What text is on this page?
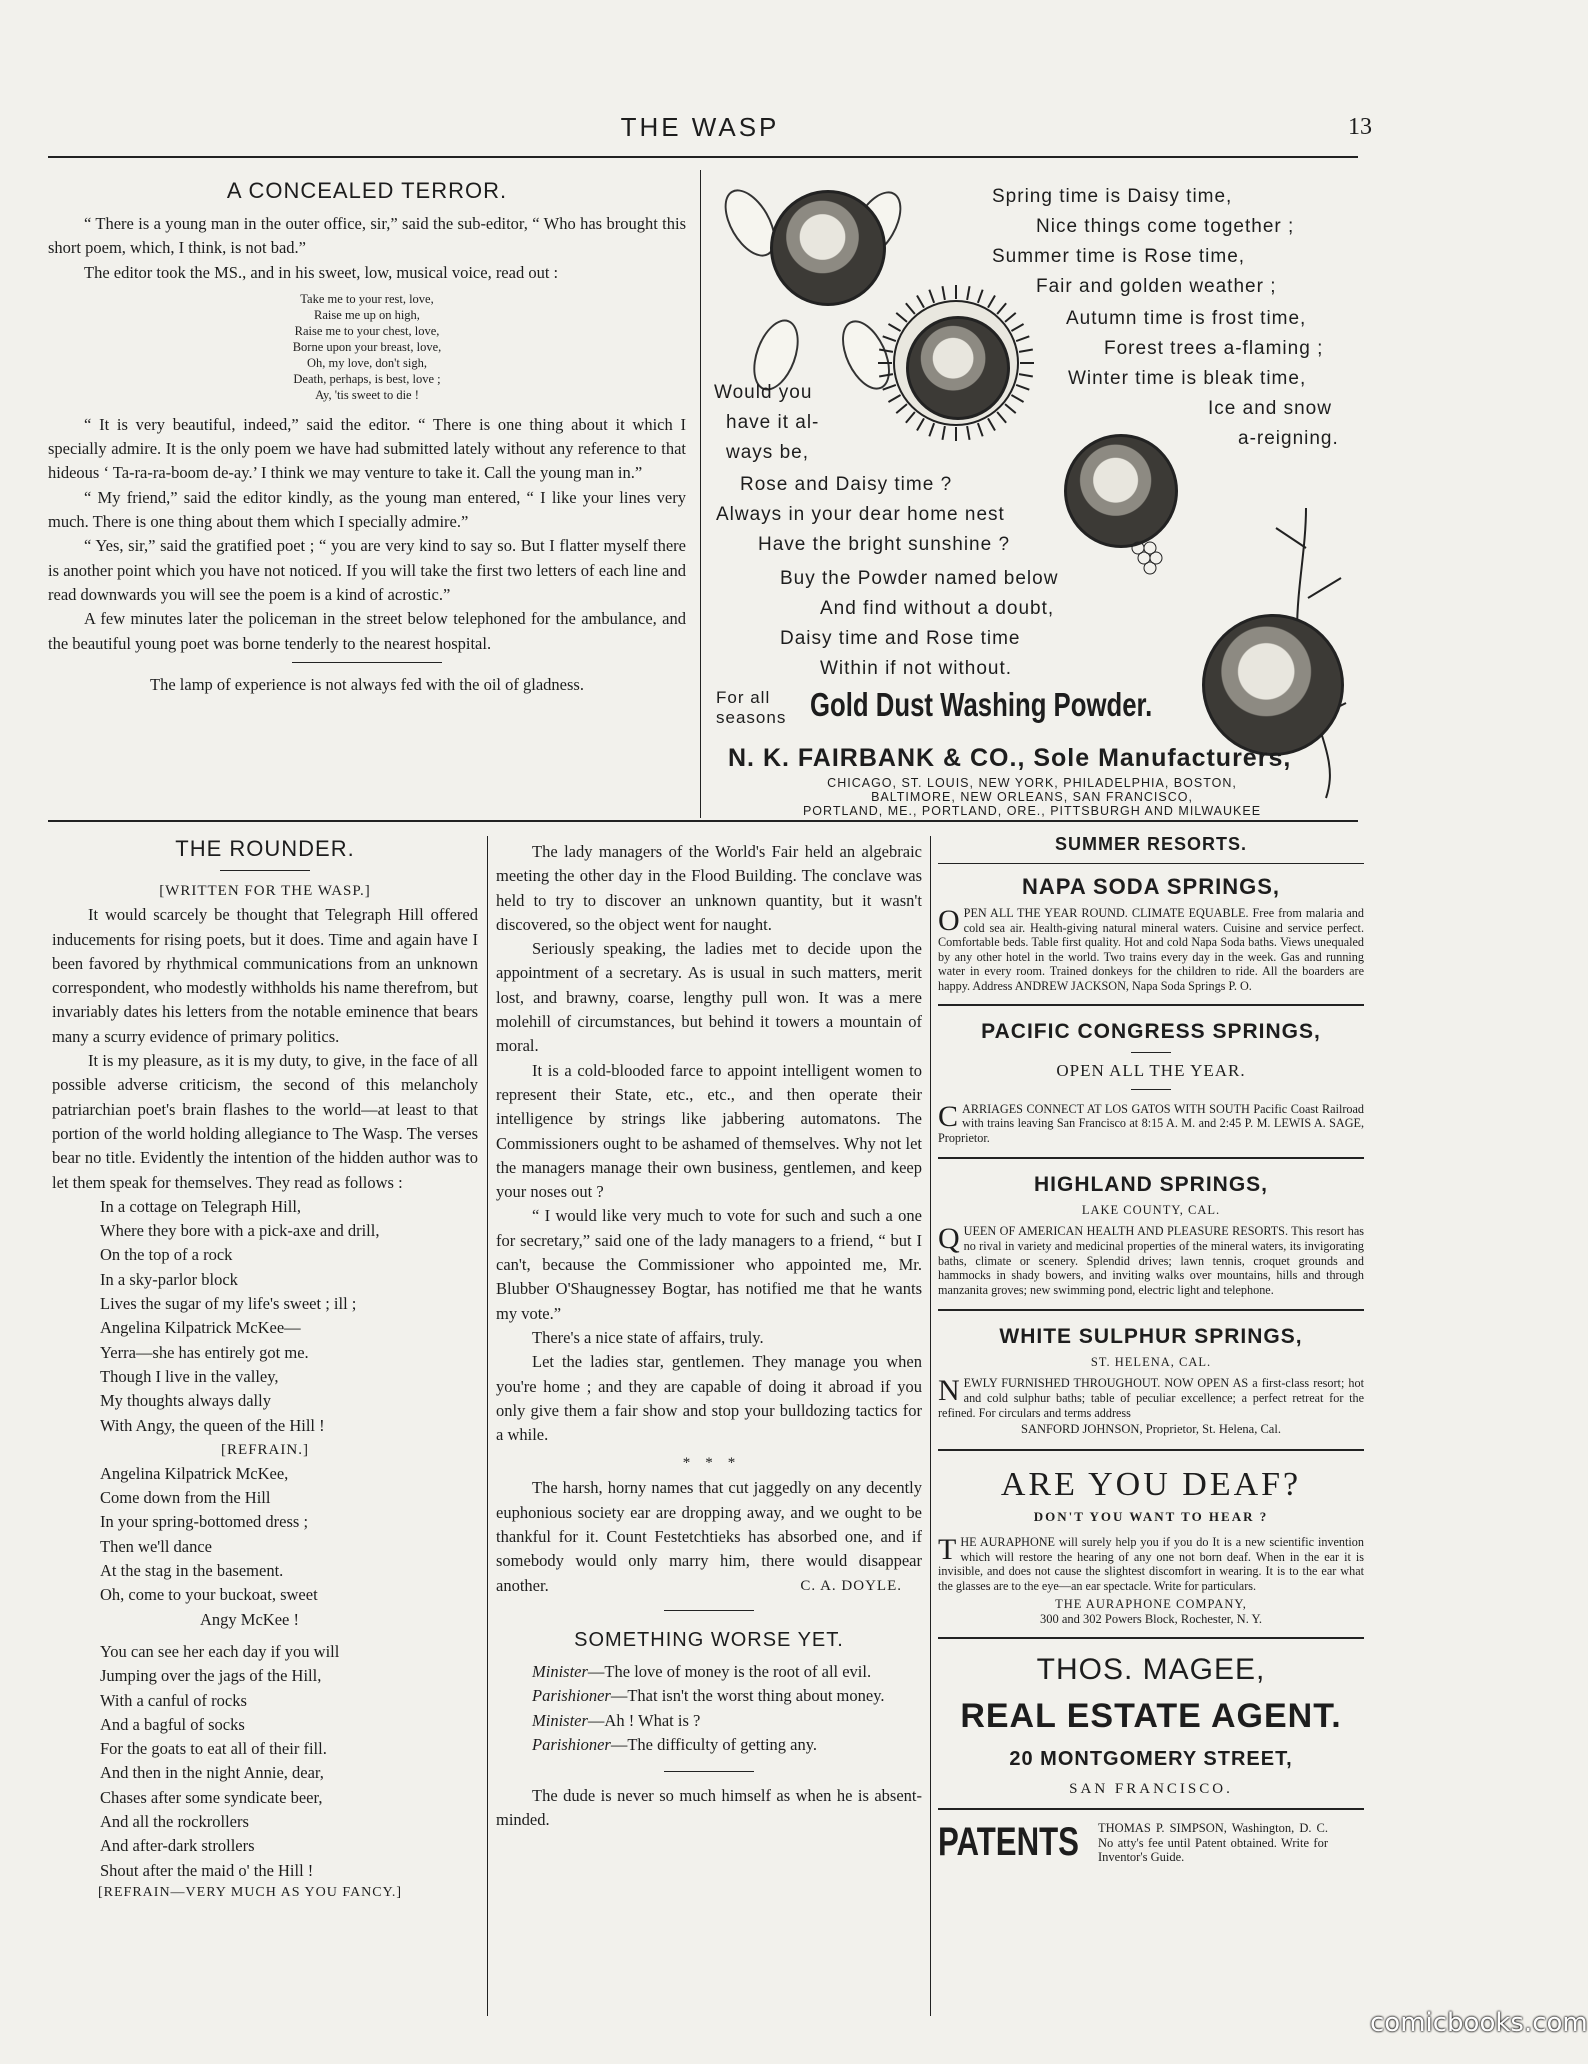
THE WASP	13
A CONCEALED TERROR.

“ There is a young man in the outer office, sir,” said the sub-editor, “ Who has brought this short poem, which, I think, is not bad.”

The editor took the MS., and in his sweet, low, musical voice, read out :

Take me to your rest, love,
Raise me up on high,
Raise me to your chest, love,
Borne upon your breast, love,
Oh, my love, don't sigh,
Death, perhaps, is best, love ;
Ay, 'tis sweet to die !

“ It is very beautiful, indeed,” said the editor. “ There is one thing about it which I specially admire. It is the only poem we have had submitted lately without any reference to that hideous ‘ Ta-ra-ra-boom de-ay.’ I think we may venture to take it. Call the young man in.”

“ My friend,” said the editor kindly, as the young man entered, “ I like your lines very much. There is one thing about them which I specially admire.”

“ Yes, sir,” said the gratified poet ; “ you are very kind to say so. But I flatter myself there is another point which you have not noticed. If you will take the first two letters of each line and read downwards you will see the poem is a kind of acrostic.”

A few minutes later the policeman in the street below telephoned for the ambulance, and the beautiful young poet was borne tenderly to the nearest hospital.

The lamp of experience is not always fed with the oil of gladness.

Spring time is Daisy time,
Nice things come together ;
Summer time is Rose time,
Fair and golden weather ;
Autumn time is frost time,
Forest trees a-flaming ;
Winter time is bleak time,
Ice and snow
a-reigning.
Would you
have it al-
ways be,
Rose and Daisy time ?
Always in your dear home nest
Have the bright sunshine ?
Buy the Powder named below
And find without a doubt,
Daisy time and Rose time
Within if not without.
For all
seasons Gold Dust Washing Powder.
N. K. FAIRBANK & CO., Sole Manufacturers,
CHICAGO, ST. LOUIS, NEW YORK, PHILADELPHIA, BOSTON,
BALTIMORE, NEW ORLEANS, SAN FRANCISCO,
PORTLAND, ME., PORTLAND, ORE., PITTSBURGH AND MILWAUKEE
THE ROUNDER.

[WRITTEN FOR THE WASP.]

It would scarcely be thought that Telegraph Hill offered inducements for rising poets, but it does. Time and again have I been favored by rhythmical communications from an unknown correspondent, who modestly withholds his name therefrom, but invariably dates his letters from the notable eminence that bears many a scurry evidence of primary politics.

It is my pleasure, as it is my duty, to give, in the face of all possible adverse criticism, the second of this melancholy patriarchian poet's brain flashes to the world—at least to that portion of the world holding allegiance to The Wasp. The verses bear no title. Evidently the intention of the hidden author was to let them speak for themselves. They read as follows :

In a cottage on Telegraph Hill,
Where they bore with a pick-axe and drill,
On the top of a rock
In a sky-parlor block
Lives the sugar of my life's sweet ; ill ;
Angelina Kilpatrick McKee—
Yerra—she has entirely got me.
Though I live in the valley,
My thoughts always dally
With Angy, the queen of the Hill !
[REFRAIN.]
Angelina Kilpatrick McKee,
Come down from the Hill
In your spring-bottomed dress ;
Then we'll dance
At the stag in the basement.
Oh, come to your buckoat, sweet
Angy McKee !
You can see her each day if you will
Jumping over the jags of the Hill,
With a canful of rocks
And a bagful of socks
For the goats to eat all of their fill.
And then in the night Annie, dear,
Chases after some syndicate beer,
And all the rockrollers
And after-dark strollers
Shout after the maid o' the Hill !
[REFRAIN—VERY MUCH AS YOU FANCY.]

The lady managers of the World's Fair held an algebraic meeting the other day in the Flood Building. The conclave was held to try to discover an unknown quantity, but it wasn't discovered, so the object went for naught.

Seriously speaking, the ladies met to decide upon the appointment of a secretary. As is usual in such matters, merit lost, and brawny, coarse, lengthy pull won. It was a mere molehill of circumstances, but behind it towers a mountain of moral.

It is a cold-blooded farce to appoint intelligent women to represent their State, etc., etc., and then operate their intelligence by strings like jabbering automatons. The Commissioners ought to be ashamed of themselves. Why not let the managers manage their own business, gentlemen, and keep your noses out ?

“ I would like very much to vote for such and such a one for secretary,” said one of the lady managers to a friend, “ but I can't, because the Commissioner who appointed me, Mr. Blubber O'Shaugnessey Bogtar, has notified me that he wants my vote.”

There's a nice state of affairs, truly.

Let the ladies star, gentlemen. They manage you when you're home ; and they are capable of doing it abroad if you only give them a fair show and stop your bulldozing tactics for a while.

*    *    *

The harsh, horny names that cut jaggedly on any decently euphonious society ear are dropping away, and we ought to be thankful for it. Count Festetchtieks has absorbed one, and if somebody would only marry him, there would disappear another.	C. A. DOYLE.
SOMETHING WORSE YET.

Minister—The love of money is the root of all evil.

Parishioner—That isn't the worst thing about money.

Minister—Ah ! What is ?

Parishioner—The difficulty of getting any.

The dude is never so much himself as when he is absent-minded.

SUMMER RESORTS.
NAPA SODA SPRINGS,
OPEN ALL THE YEAR ROUND. CLIMATE EQUABLE. Free from malaria and cold sea air. Health-giving natural mineral waters. Cuisine and service perfect. Comfortable beds. Table first quality. Hot and cold Napa Soda baths. Views unequaled by any other hotel in the world. Two trains every day in the week. Gas and running water in every room. Trained donkeys for the children to ride. All the boarders are happy. Address ANDREW JACKSON, Napa Soda Springs P. O.
PACIFIC CONGRESS SPRINGS,
OPEN ALL THE YEAR.
CARRIAGES CONNECT AT LOS GATOS WITH SOUTH Pacific Coast Railroad with trains leaving San Francisco at 8:15 A. M. and 2:45 P. M. LEWIS A. SAGE, Proprietor.
HIGHLAND SPRINGS,
LAKE COUNTY, CAL.
QUEEN OF AMERICAN HEALTH AND PLEASURE RESORTS. This resort has no rival in variety and medicinal properties of the mineral waters, its invigorating baths, climate or scenery. Splendid drives; lawn tennis, croquet grounds and hammocks in shady bowers, and inviting walks over mountains, hills and through manzanita groves; new swimming pond, electric light and telephone.
WHITE SULPHUR SPRINGS,
ST. HELENA, CAL.
NEWLY FURNISHED THROUGHOUT. NOW OPEN AS a first-class resort; hot and cold sulphur baths; table of peculiar excellence; a perfect retreat for the refined. For circulars and terms address
SANFORD JOHNSON, Proprietor, St. Helena, Cal.
ARE YOU DEAF?
DON'T YOU WANT TO HEAR ?
THE AURAPHONE will surely help you if you do It is a new scientific invention which will restore the hearing of any one not born deaf. When in the ear it is invisible, and does not cause the slightest discomfort in wearing. It is to the ear what the glasses are to the eye—an ear spectacle. Write for particulars.
THE AURAPHONE COMPANY,
300 and 302 Powers Block, Rochester, N. Y.
THOS. MAGEE,
REAL ESTATE AGENT.
20 MONTGOMERY STREET,
SAN FRANCISCO.
PATENTS THOMAS P. SIMPSON, Washington, D. C. No atty's fee until Patent obtained. Write for Inventor's Guide.
comicbooks.com
